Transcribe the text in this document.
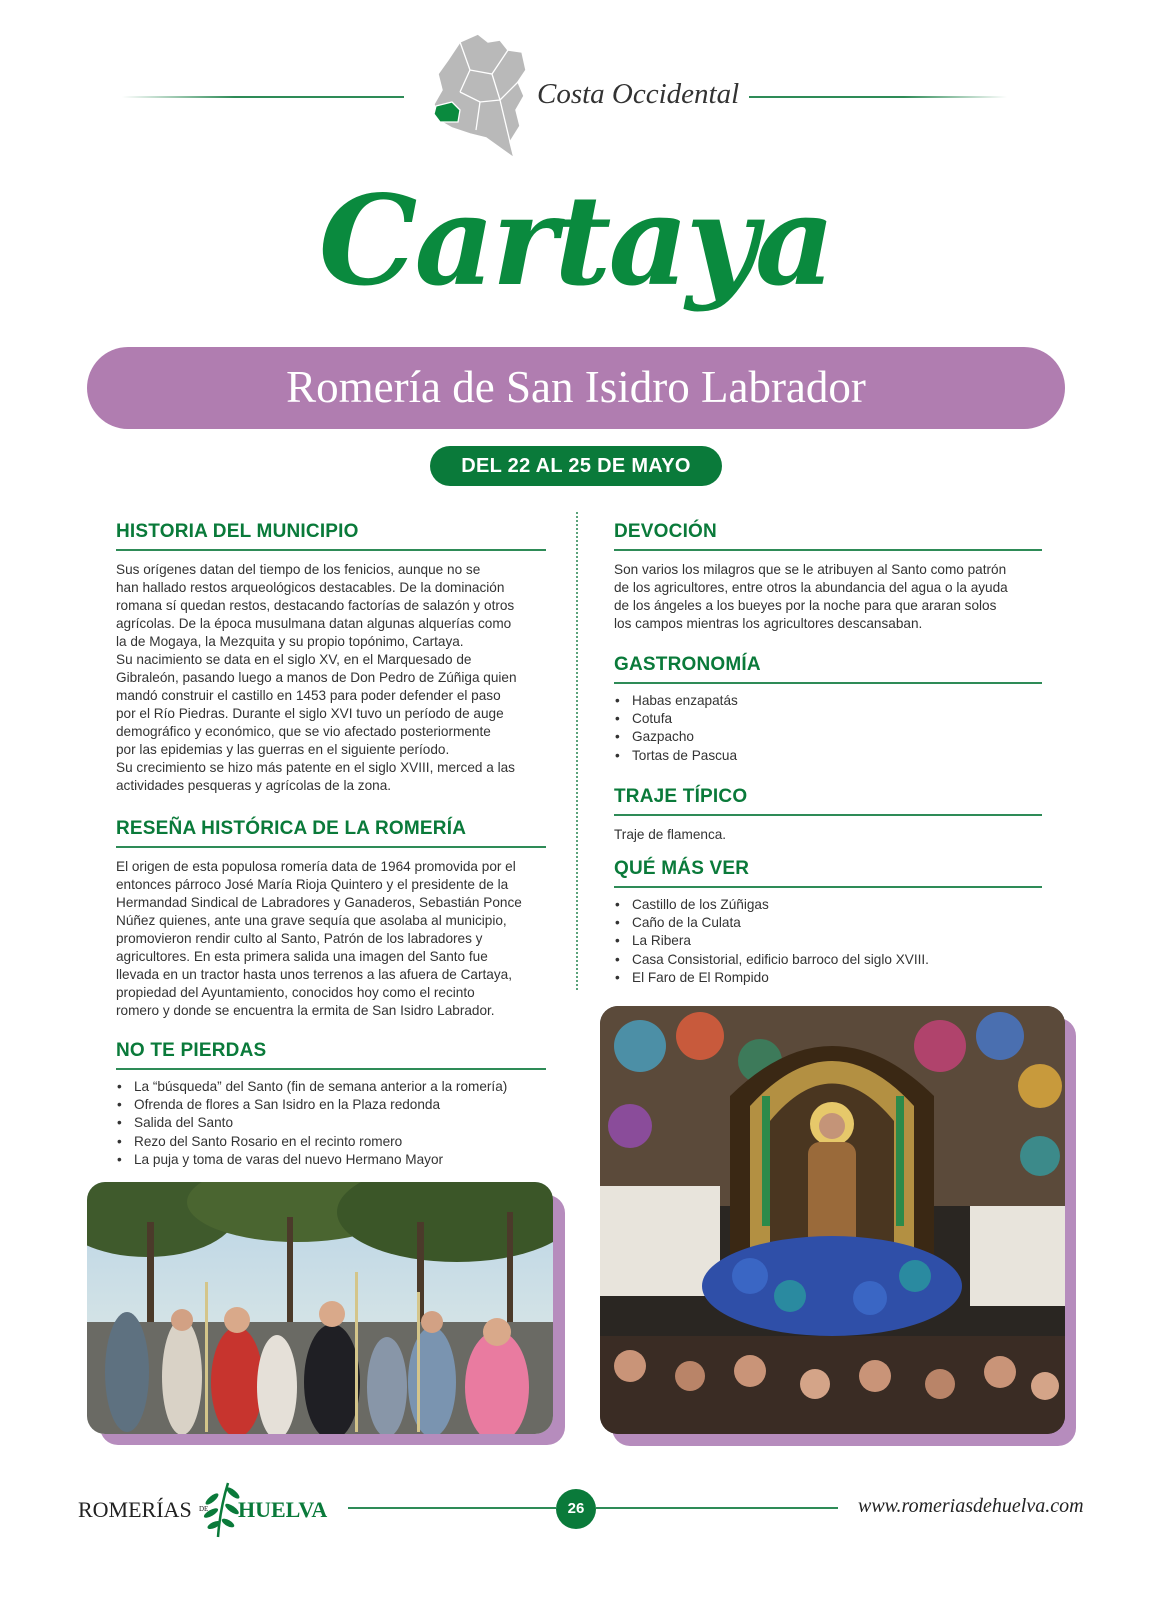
Costa Occidental
Cartaya
Romería de San Isidro Labrador
DEL 22 AL 25 DE MAYO
HISTORIA DEL MUNICIPIO

Sus orígenes datan del tiempo de los fenicios, aunque no se
han hallado restos arqueológicos destacables. De la dominación
romana sí quedan restos, destacando factorías de salazón y otros
agrícolas. De la época musulmana datan algunas alquerías como
la de Mogaya, la Mezquita y su propio topónimo, Cartaya.
Su nacimiento se data en el siglo XV, en el Marquesado de
Gibraleón, pasando luego a manos de Don Pedro de Zúñiga quien
mandó construir el castillo en 1453 para poder defender el paso
por el Río Piedras. Durante el siglo XVI tuvo un período de auge
demográfico y económico, que se vio afectado posteriormente
por las epidemias y las guerras en el siguiente período.
Su crecimiento se hizo más patente en el siglo XVIII, merced a las
actividades pesqueras y agrícolas de la zona.

RESEÑA HISTÓRICA DE LA ROMERÍA

El origen de esta populosa romería data de 1964 promovida por el
entonces párroco José María Rioja Quintero y el presidente de la
Hermandad Sindical de Labradores y Ganaderos, Sebastián Ponce
Núñez quienes, ante una grave sequía que asolaba al municipio,
promovieron rendir culto al Santo, Patrón de los labradores y
agricultores. En esta primera salida una imagen del Santo fue
llevada en un tractor hasta unos terrenos a las afuera de Cartaya,
propiedad del Ayuntamiento, conocidos hoy como el recinto
romero y donde se encuentra la ermita de San Isidro Labrador.

NO TE PIERDAS
• La “búsqueda” del Santo (fin de semana anterior a la romería)
• Ofrenda de flores a San Isidro en la Plaza redonda
• Salida del Santo
• Rezo del Santo Rosario en el recinto romero
• La puja y toma de varas del nuevo Hermano Mayor
DEVOCIÓN

Son varios los milagros que se le atribuyen al Santo como patrón
de los agricultores, entre otros la abundancia del agua o la ayuda
de los ángeles a los bueyes por la noche para que araran solos
los campos mientras los agricultores descansaban.

GASTRONOMÍA
• Habas enzapatás
• Cotufa
• Gazpacho
• Tortas de Pascua
TRAJE TÍPICO

Traje de flamenca.

QUÉ MÁS VER
• Castillo de los Zúñigas
• Caño de la Culata
• La Ribera
• Casa Consistorial, edificio barroco del siglo XVIII.
• El Faro de El Rompido
ROMERÍAS DE HUELVA	26	www.romeriasdehuelva.com
